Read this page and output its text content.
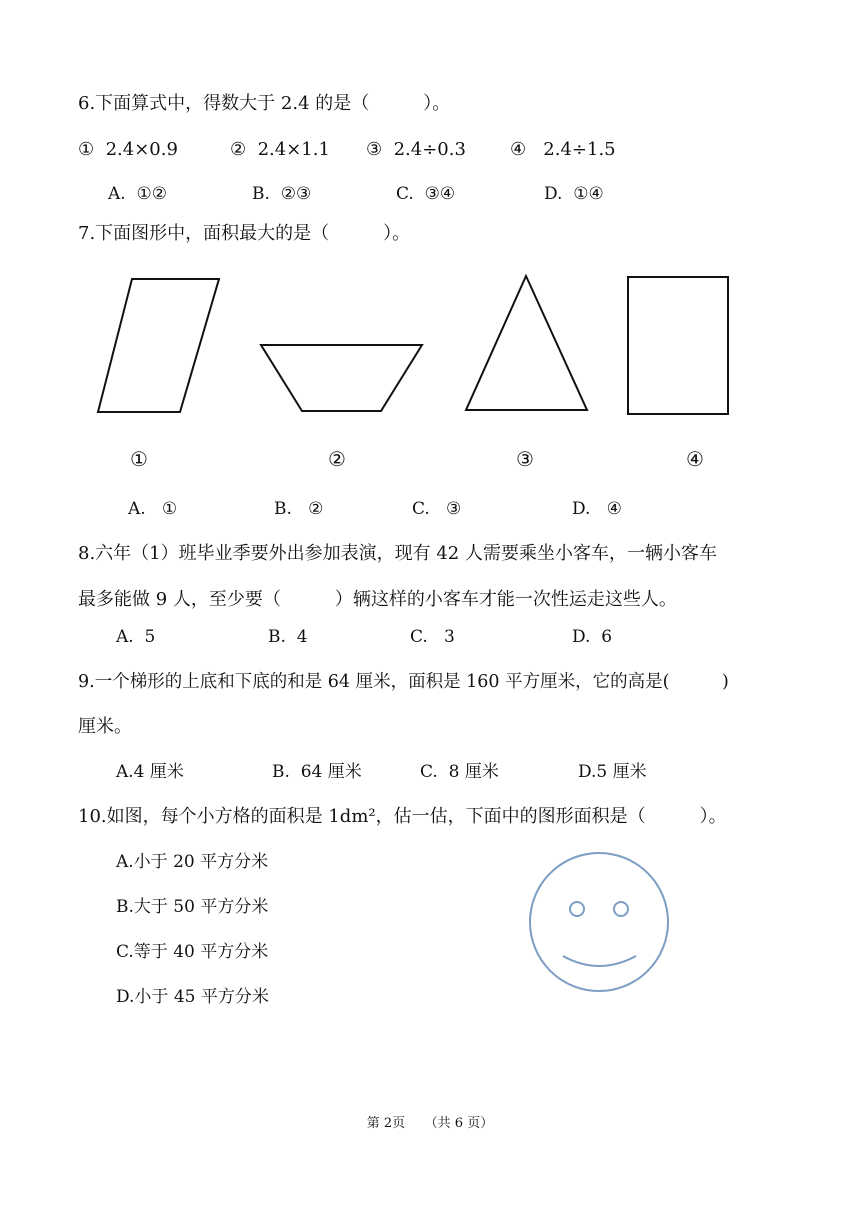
6.下面算式中，得数大于 2.4 的是（　　　）。
①  2.4×0.9	②  2.4×1.1 ③  2.4÷0.3 ④   2.4÷1.5
A.  ①②	B.  ②③	C.  ③④	D.  ①④
7.下面图形中，面积最大的是（　　　）。
①	②	③	④
A.   ①	B.   ②	C.   ③	D.   ④
8.六年（1）班毕业季要外出参加表演，现有 42 人需要乘坐小客车，一辆小客车
最多能做 9 人，至少要（　　　）辆这样的小客车才能一次性运走这些人。
A.  5	B.  4	C.   3	D.  6
9.一个梯形的上底和下底的和是 64 厘米，面积是 160 平方厘米，它的高是(　　　)
厘米。
A.4 厘米	B.  64 厘米	C.  8 厘米	D.5 厘米
10.如图，每个小方格的面积是 1dm²，估一估，下面中的图形面积是（　　　）。
A.小于 20 平方分米
B.大于 50 平方分米
C.等于 40 平方分米
D.小于 45 平方分米
第 2页　　（共 6 页）
